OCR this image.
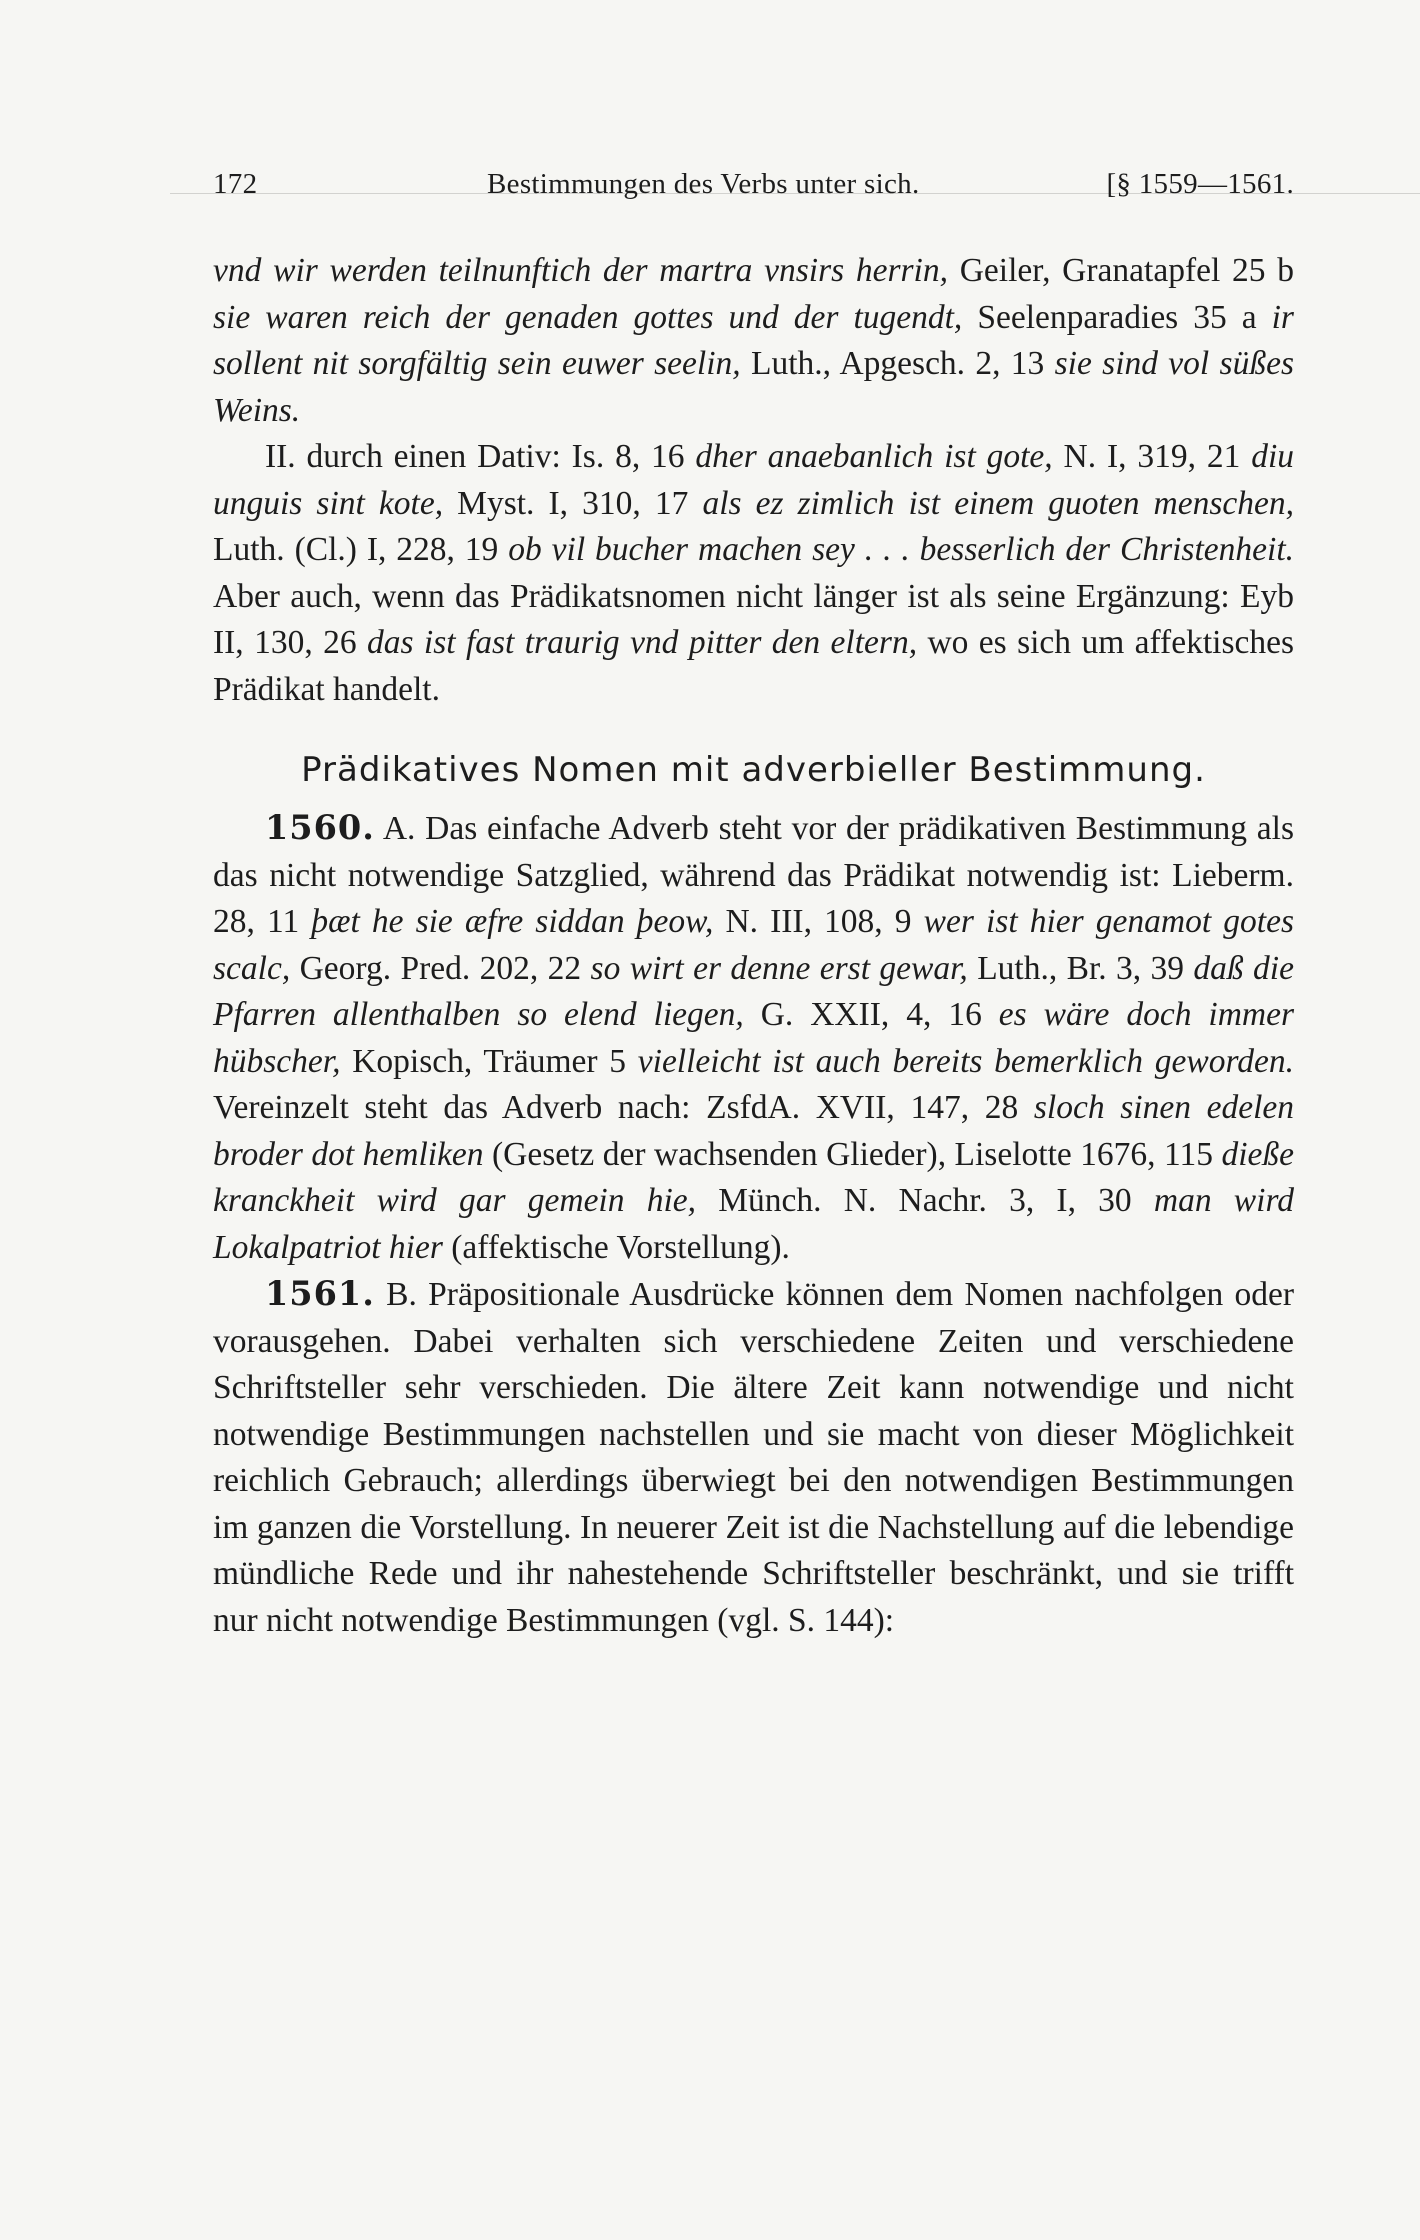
172	Bestimmungen des Verbs unter sich.	[§ 1559—1561.

vnd wir werden teilnunftich der martra vnsirs herrin, Geiler, Granatapfel 25 b sie waren reich der genaden gottes und der tugendt, Seelenparadies 35 a ir sollent nit sorgfältig sein euwer seelin, Luth., Apgesch. 2, 13 sie sind vol süßes Weins.

II. durch einen Dativ: Is. 8, 16 dher anaebanlich ist gote, N. I, 319, 21 diu unguis sint kote, Myst. I, 310, 17 als ez zimlich ist einem guoten menschen, Luth. (Cl.) I, 228, 19 ob vil bucher machen sey . . . besserlich der Christenheit. Aber auch, wenn das Prädikatsnomen nicht länger ist als seine Ergänzung: Eyb II, 130, 26 das ist fast traurig vnd pitter den eltern, wo es sich um affektisches Prädikat handelt.

Prädikatives Nomen mit adverbieller Bestimmung.

1560. A. Das einfache Adverb steht vor der prädikativen Bestimmung als das nicht notwendige Satzglied, während das Prädikat notwendig ist: Lieberm. 28, 11 þæt he sie æfre siddan þeow, N. III, 108, 9 wer ist hier genamot gotes scalc, Georg. Pred. 202, 22 so wirt er denne erst gewar, Luth., Br. 3, 39 daß die Pfarren allenthalben so elend liegen, G. XXII, 4, 16 es wäre doch immer hübscher, Kopisch, Träumer 5 vielleicht ist auch bereits bemerklich geworden. Vereinzelt steht das Adverb nach: ZsfdA. XVII, 147, 28 sloch sinen edelen broder dot hemliken (Gesetz der wachsenden Glieder), Liselotte 1676, 115 dieße kranckheit wird gar gemein hie, Münch. N. Nachr. 3, I, 30 man wird Lokalpatriot hier (affektische Vorstellung).

1561. B. Präpositionale Ausdrücke können dem Nomen nachfolgen oder vorausgehen. Dabei verhalten sich verschiedene Zeiten und verschiedene Schriftsteller sehr verschieden. Die ältere Zeit kann notwendige und nicht notwendige Bestimmungen nachstellen und sie macht von dieser Möglichkeit reichlich Gebrauch; allerdings überwiegt bei den notwendigen Bestimmungen im ganzen die Vorstellung. In neuerer Zeit ist die Nachstellung auf die lebendige mündliche Rede und ihr nahestehende Schriftsteller beschränkt, und sie trifft nur nicht notwendige Bestimmungen (vgl. S. 144):
